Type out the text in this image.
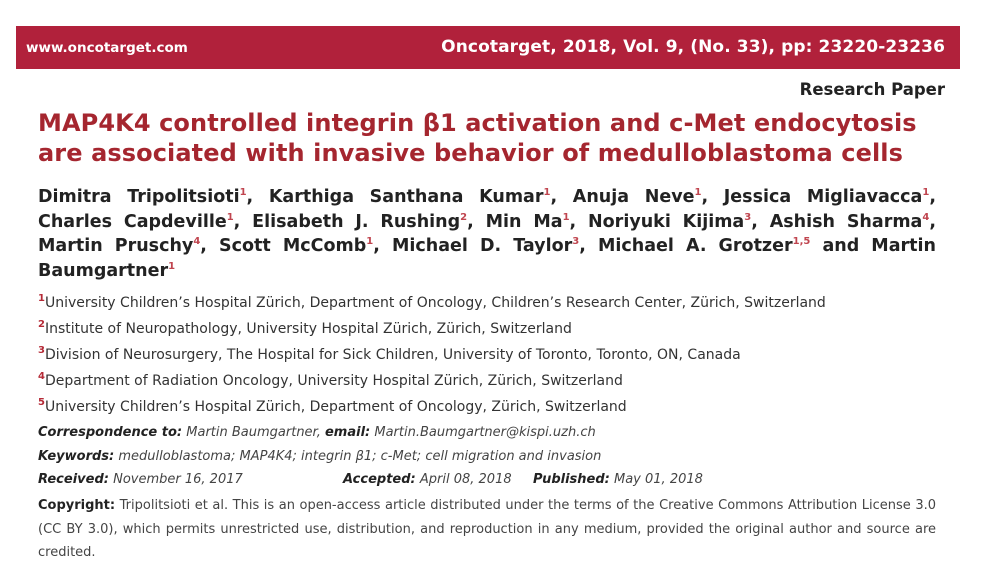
www.oncotarget.com	Oncotarget, 2018, Vol. 9, (No. 33), pp: 23220-23236
Research Paper
MAP4K4 controlled integrin β1 activation and c-Met endocytosis
are associated with invasive behavior of medulloblastoma cells
Dimitra Tripolitsioti$^1$, Karthiga Santhana Kumar$^1$, Anuja Neve$^1$, Jessica Migliavacca$^1$, Charles Capdeville$^1$, Elisabeth J. Rushing$^2$, Min Ma$^1$, Noriyuki Kijima$^3$, Ashish Sharma$^4$, Martin Pruschy$^4$, Scott McComb$^1$, Michael D. Taylor$^3$, Michael A. Grotzer$^{1,5}$ and Martin Baumgartner$^1$
$^1$University Children’s Hospital Zürich, Department of Oncology, Children’s Research Center, Zürich, Switzerland
$^2$Institute of Neuropathology, University Hospital Zürich, Zürich, Switzerland
$^3$Division of Neurosurgery, The Hospital for Sick Children, University of Toronto, Toronto, ON, Canada
$^4$Department of Radiation Oncology, University Hospital Zürich, Zürich, Switzerland
$^5$University Children’s Hospital Zürich, Department of Oncology, Zürich, Switzerland
Correspondence to: Martin Baumgartner, email: Martin.Baumgartner@kispi.uzh.ch
Keywords: medulloblastoma; MAP4K4; integrin β1; c-Met; cell migration and invasion
Received: November 16, 2017	Accepted: April 08, 2018 Published: May 01, 2018
Copyright: Tripolitsioti et al. This is an open-access article distributed under the terms of the Creative Commons Attribution License 3.0 (CC BY 3.0), which permits unrestricted use, distribution, and reproduction in any medium, provided the original author and source are credited.
